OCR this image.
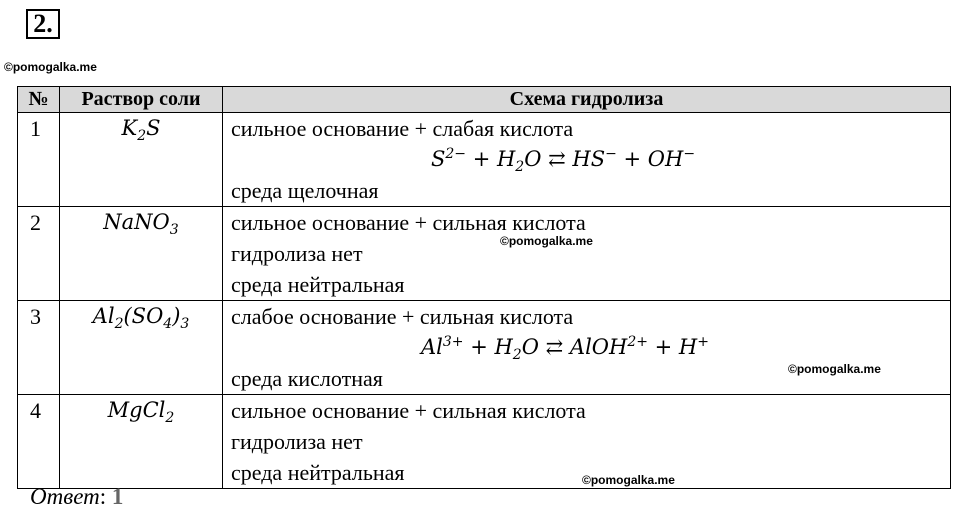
2.
©pomogalka.me
№	Раствор соли	Схема гидролиза
1	$K_2S$	сильное основание + слабая кислота
$S^{2-} + H_2O$ ⇄ HS− + OH−
среда щелочная

2	NaNO$_3$	сильное основание + сильная кислота
гидролиза нет
среда нейтральная

3	$Al_2(SO_4)_3$	слабое основание + сильная кислота
$Al^{3+} + H_2O$ ⇄ AlOH$^{2+}$ + H+
среда кислотная

4	MgCl$_2$	сильное основание + сильная кислота
гидролиза нет
среда нейтральная
©pomogalka.me
©pomogalka.me
©pomogalka.me
Ответ: 1
